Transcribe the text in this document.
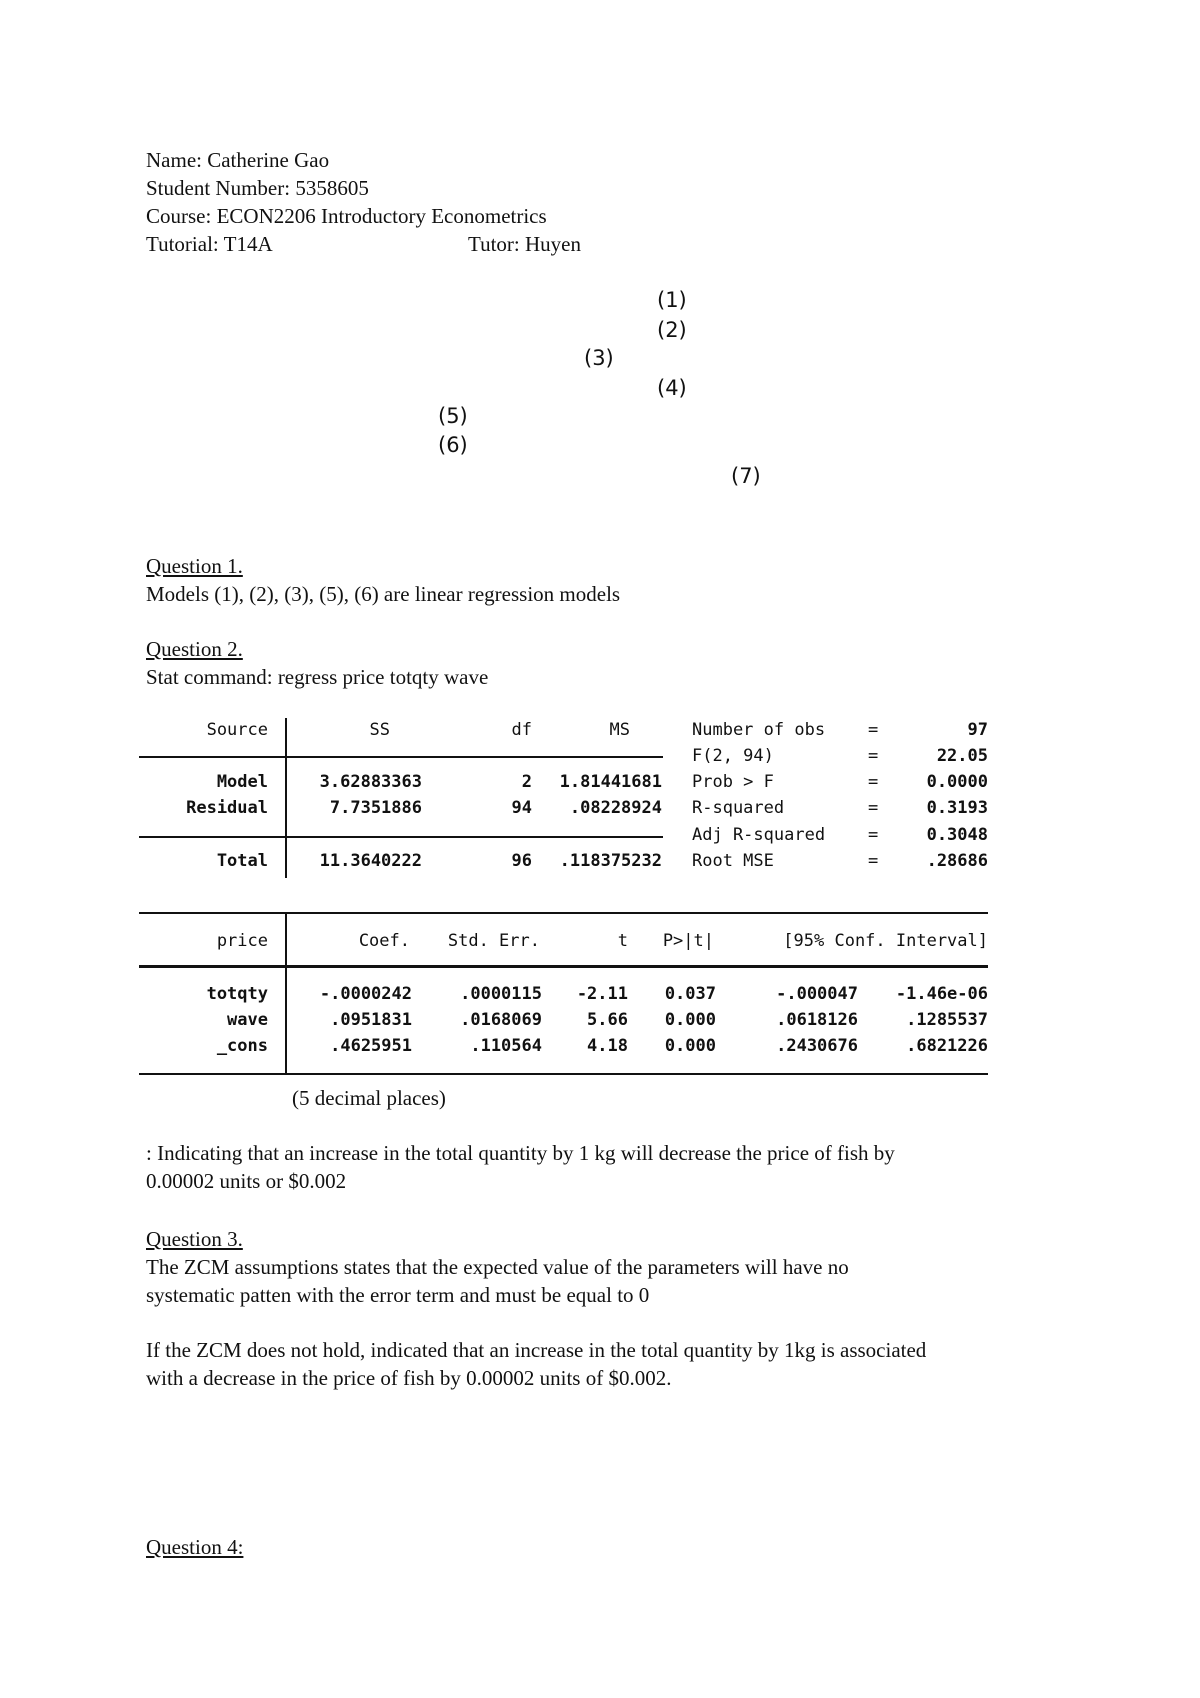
Name: Catherine Gao
Student Number: 5358605
Course: ECON2206 Introductory Econometrics
Tutorial: T14A	Tutor: Huyen
(1)
(2)
(3)
(4)
(5)
(6)
(7)
Question 1.
Models (1), (2), (3), (5), (6) are linear regression models
Question 2.
Stat command: regress price totqty wave
Source	SS	df	MS
Model	3.62883363	2	1.81441681
Residual	7.7351886	94	.08228924
Total	11.3640222	96	.118375232
Number of obs	=	97
F(2, 94)	=	22.05
Prob > F	=	0.0000
R-squared	=	0.3193
Adj R-squared	=	0.3048
Root MSE	=	.28686
price	Coef.	Std. Err.	t	P>|t|	[95% Conf. Interval]
totqty	-.0000242	.0000115	-2.11	0.037	-.000047	-1.46e-06
wave	.0951831	.0168069	5.66	0.000	.0618126	.1285537
_cons	.4625951	.110564	4.18	0.000	.2430676	.6821226
(5 decimal places)
: Indicating that an increase in the total quantity by 1 kg will decrease the price of fish by
0.00002 units or $0.002
Question 3.
The ZCM assumptions states that the expected value of the parameters will have no
systematic patten with the error term and must be equal to 0
If the ZCM does not hold, indicated that an increase in the total quantity by 1kg is associated
with a decrease in the price of fish by 0.00002 units of $0.002.
Question 4:
